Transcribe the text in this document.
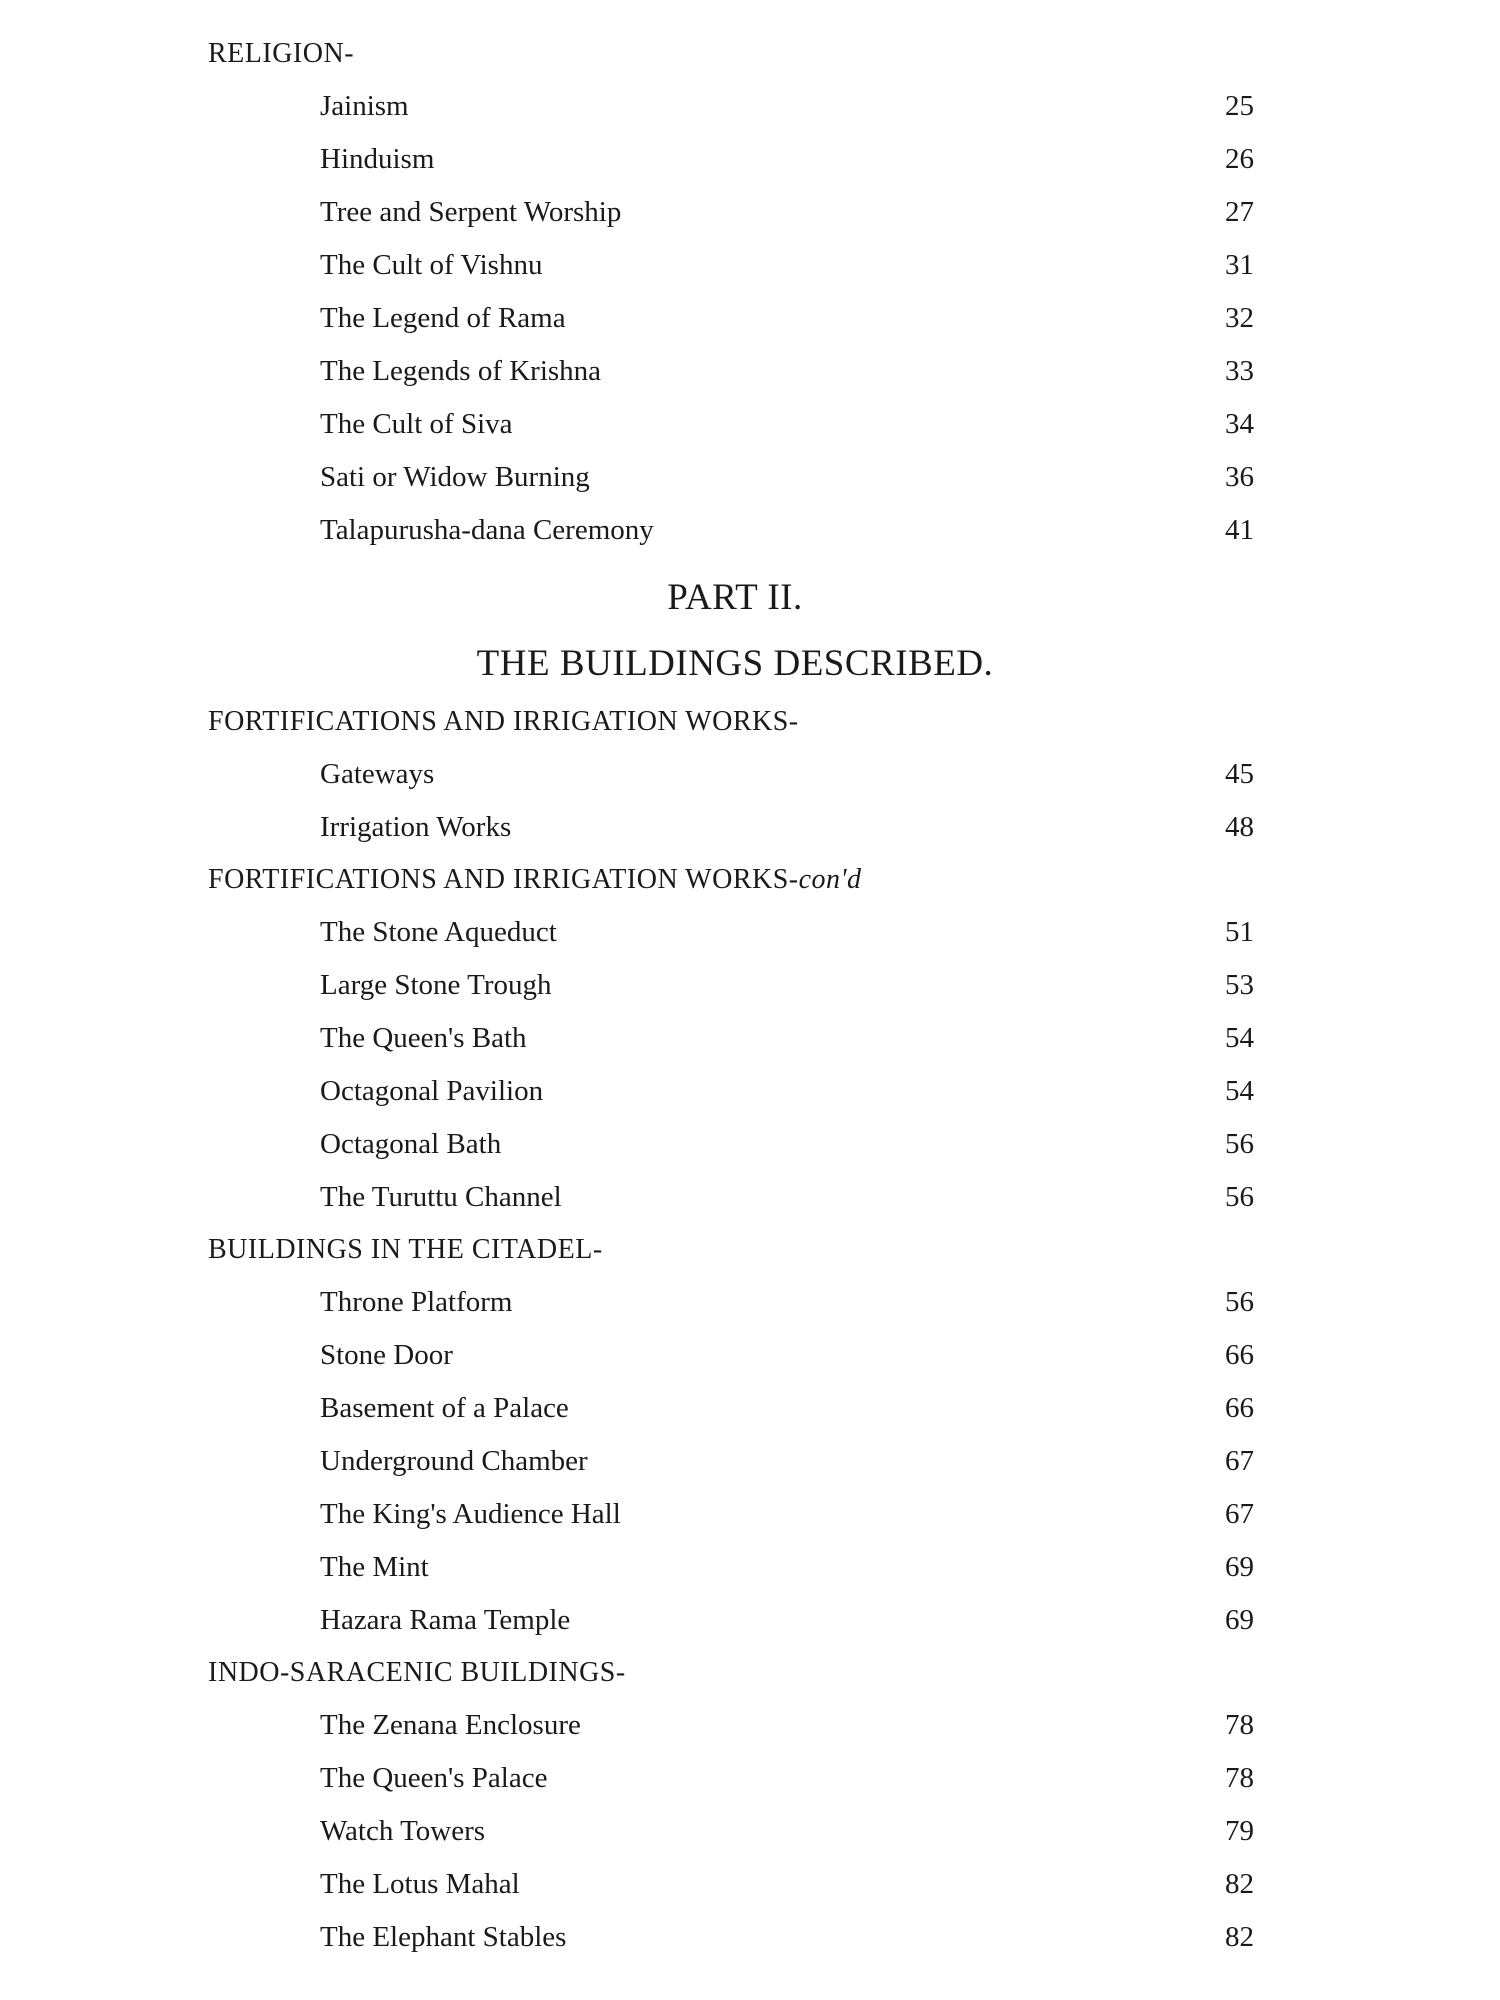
RELIGION-
Jainism	25
Hinduism	26
Tree and Serpent Worship	27
The Cult of Vishnu	31
The Legend of Rama	32
The Legends of Krishna	33
The Cult of Siva	34
Sati or Widow Burning	36
Talapurusha-dana Ceremony	41
PART II.
THE BUILDINGS DESCRIBED.
FORTIFICATIONS AND IRRIGATION WORKS-
Gateways	45
Irrigation Works	48
FORTIFICATIONS AND IRRIGATION WORKS-con'd
The Stone Aqueduct	51
Large Stone Trough	53
The Queen's Bath	54
Octagonal Pavilion	54
Octagonal Bath	56
The Turuttu Channel	56
BUILDINGS IN THE CITADEL-
Throne Platform	56
Stone Door	66
Basement of a Palace	66
Underground Chamber	67
The King's Audience Hall	67
The Mint	69
Hazara Rama Temple	69
INDO-SARACENIC BUILDINGS-
The Zenana Enclosure	78
The Queen's Palace	78
Watch Towers	79
The Lotus Mahal	82
The Elephant Stables	82
